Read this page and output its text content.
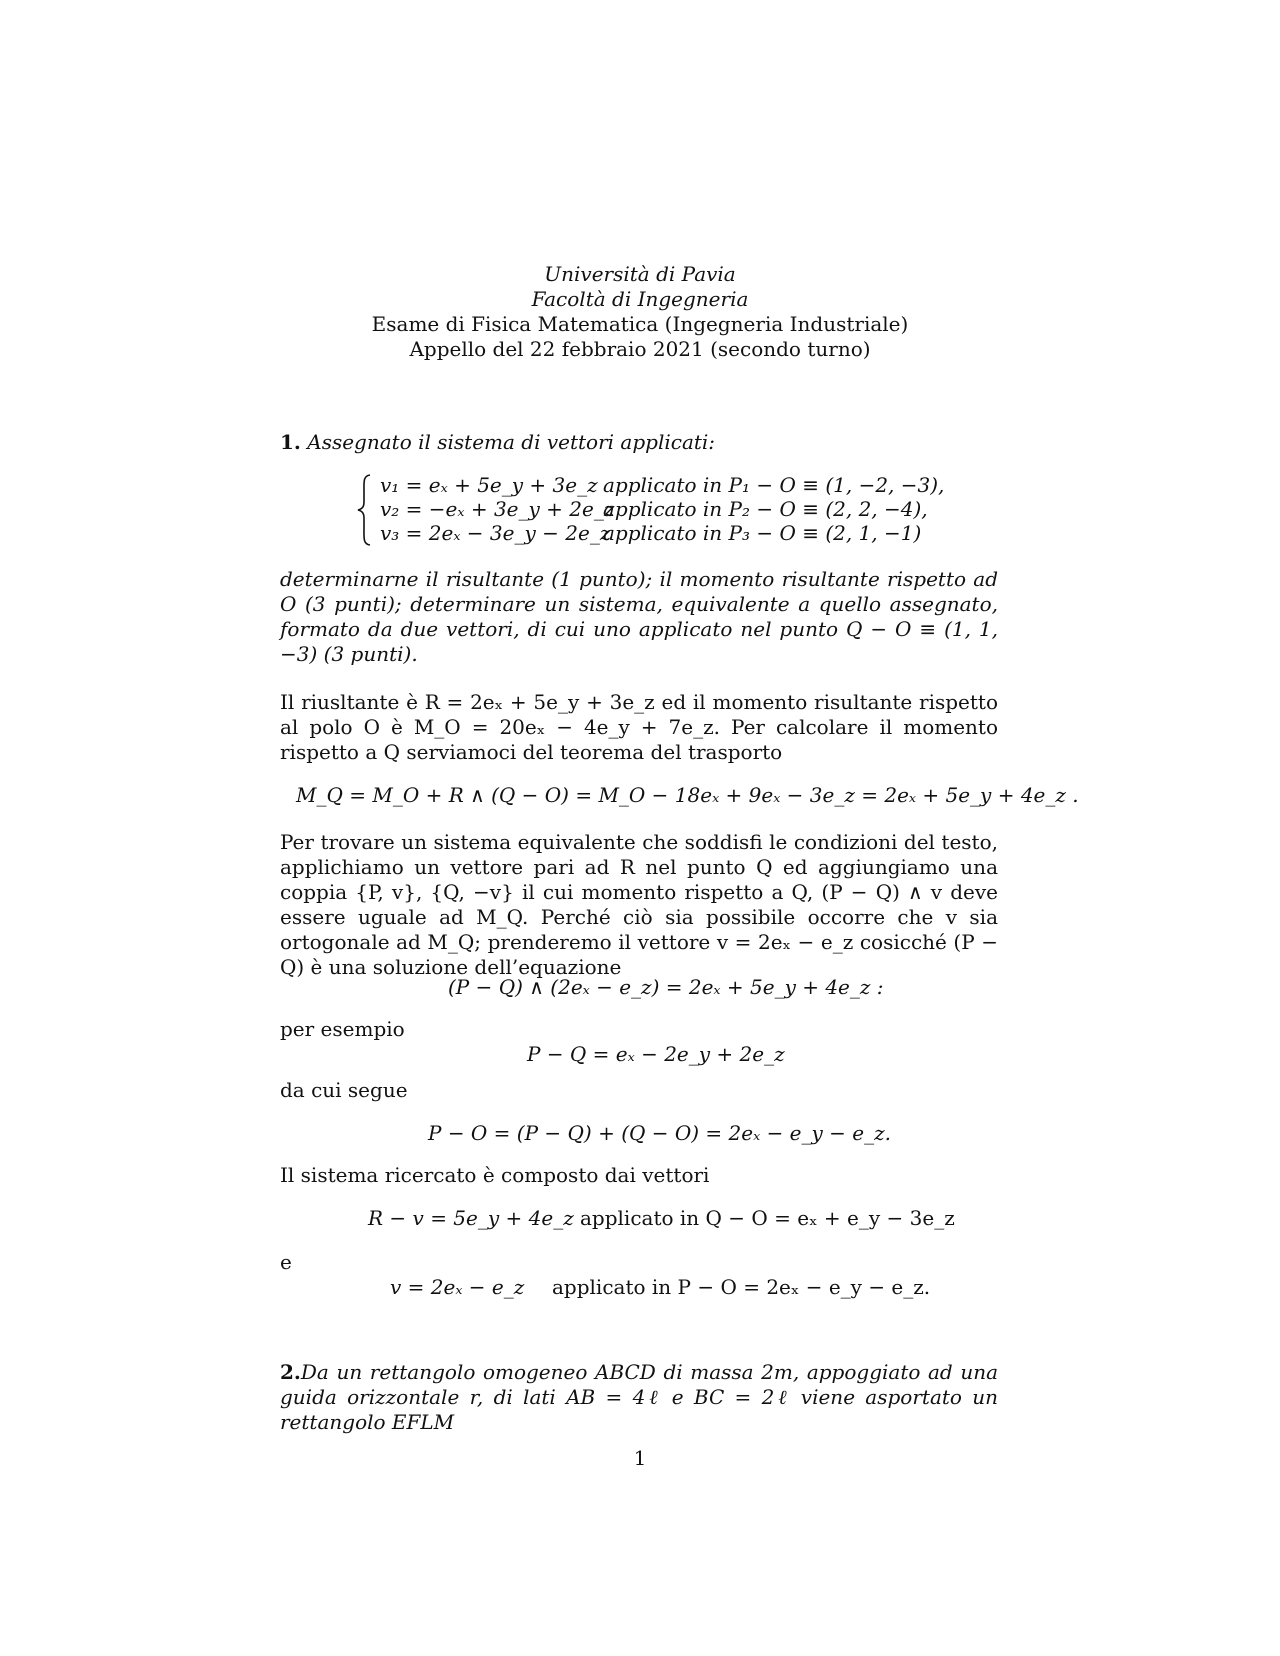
Università di Pavia
Facoltà di Ingegneria
Esame di Fisica Matematica (Ingegneria Industriale)
Appello del 22 febbraio 2021 (secondo turno)
1. Assegnato il sistema di vettori applicati:
v₁ = eₓ + 5e_y + 3e_z applicato in P₁ − O ≡ (1, −2, −3),
v₂ = −eₓ + 3e_y + 2e_z
applicato in P₂ − O ≡ (2, 2, −4),
v₃ = 2eₓ − 3e_y − 2e_z
applicato in P₃ − O ≡ (2, 1, −1)

determinarne il risultante (1 punto); il momento risultante rispetto ad O (3 punti); determinare un sistema, equivalente a quello assegnato, formato da due vettori, di cui uno applicato nel punto Q − O ≡ (1, 1, −3) (3 punti).

Il riusltante è R = 2eₓ + 5e_y + 3e_z ed il momento risultante rispetto al polo O è M_O = 20eₓ − 4e_y + 7e_z. Per calcolare il momento rispetto a Q serviamoci del teorema del trasporto

M_Q = M_O + R ∧ (Q − O) = M_O − 18eₓ + 9eₓ − 3e_z = 2eₓ + 5e_y + 4e_z .

Per trovare un sistema equivalente che soddisfi le condizioni del testo, applichiamo un vettore pari ad R nel punto Q ed aggiungiamo una coppia {P, v}, {Q, −v} il cui momento rispetto a Q, (P − Q) ∧ v deve essere uguale ad M_Q. Perché ciò sia possibile occorre che v sia ortogonale ad M_Q; prenderemo il vettore v = 2eₓ − e_z cosicché (P − Q) è una soluzione dell’equazione

(P − Q) ∧ (2eₓ − e_z) = 2eₓ + 5e_y + 4e_z :
per esempio
P − Q = eₓ − 2e_y + 2e_z
da cui segue
P − O = (P − Q) + (Q − O) = 2eₓ − e_y − e_z.
Il sistema ricercato è composto dai vettori
R − v = 5e_y + 4e_z applicato in Q − O = eₓ + e_y − 3e_z
e
v = 2eₓ − e_z applicato in P − O = 2eₓ − e_y − e_z.

2.Da un rettangolo omogeneo ABCD di massa 2m, appoggiato ad una guida orizzontale r, di lati AB = 4ℓ e BC = 2ℓ viene asportato un rettangolo EFLM

1
